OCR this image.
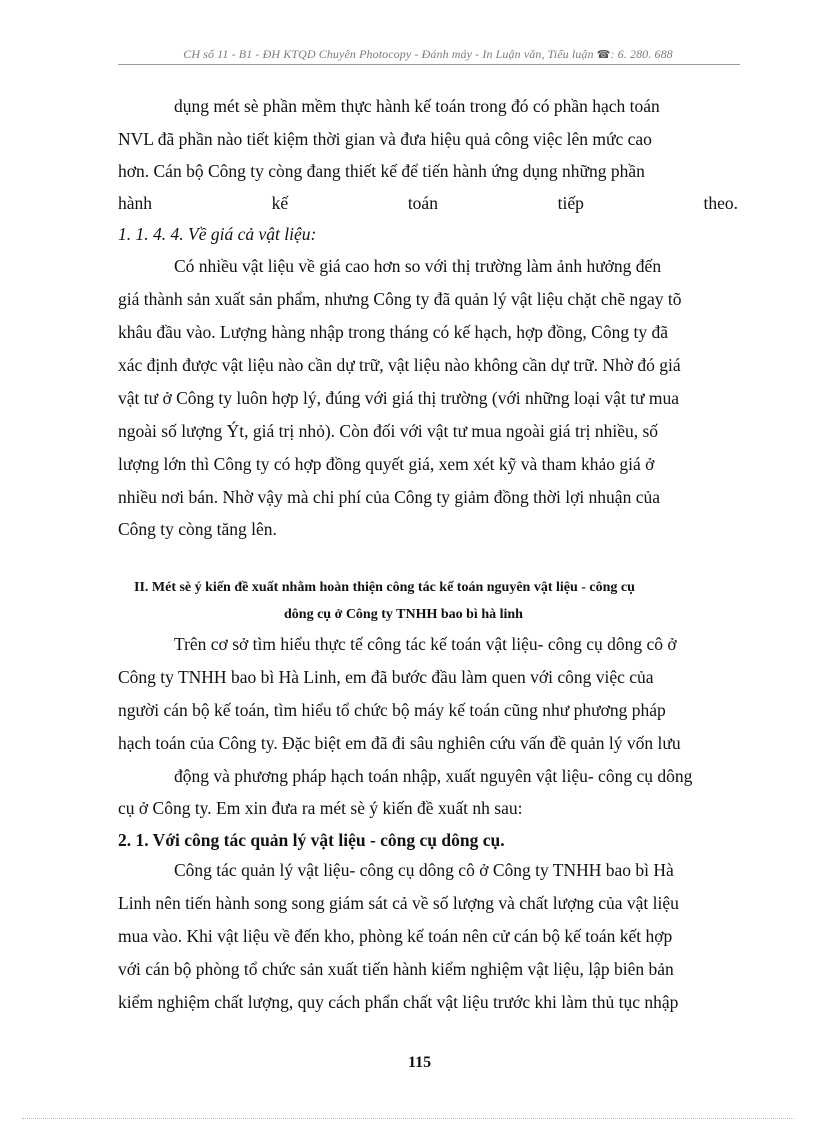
CH số 11 - B1 - ĐH KTQD Chuyên Photocopy - Đánh máy - In Luận văn, Tiểu luận ☎: 6. 280. 688
dụng mét sè phần mềm thực hành kế toán trong đó có phần hạch toán
NVL đã phần nào tiết kiệm thời gian và đưa hiệu quả công việc lên mức cao
hơn. Cán bộ Công ty còng đang thiết kế để tiến hành ứng dụng những phần
hành kế toán tiếp theo.
1. 1. 4. 4. Về giá cả vật liệu:
Có nhiều vật liệu về giá cao hơn so với thị trường làm ảnh hưởng đến
giá thành sản xuất sản phẩm, nhưng Công ty đã quản lý vật liệu chặt chẽ ngay tõ
khâu đầu vào. Lượng hàng nhập trong tháng có kế hạch, hợp đồng, Công ty đã
xác định được vật liệu nào cần dự trữ, vật liệu nào không cần dự trữ. Nhờ đó giá
vật tư ở Công ty luôn hợp lý, đúng với giá thị trường (với những loại vật tư mua
ngoài số lượng Ýt, giá trị nhỏ). Còn đối với vật tư mua ngoài giá trị nhiều, số
lượng lớn thì Công ty có hợp đồng quyết giá, xem xét kỹ và tham khảo giá ở
nhiều nơi bán. Nhờ vậy mà chi phí của Công ty giảm đồng thời lợi nhuận của
Công ty còng tăng lên.
II. Mét sè ý kiến đề xuất nhằm hoàn thiện công tác kế toán nguyên vật liệu - công cụ
dông cụ ở Công ty TNHH bao bì hà linh
Trên cơ sở tìm hiểu thực tế công tác kế toán vật liệu- công cụ dông cô ở
Công ty TNHH bao bì Hà Linh, em đã bước đầu làm quen với công việc của
người cán bộ kế toán, tìm hiểu tổ chức bộ máy kế toán cũng như phương pháp
hạch toán của Công ty. Đặc biệt em đã đi sâu nghiên cứu vấn đề quản lý vốn lưu
động và phương pháp hạch toán nhập, xuất nguyên vật liệu- công cụ dông
cụ ở Công ty. Em xin đưa ra mét sè ý kiến đề xuất nh sau:
2. 1. Với công tác quản lý vật liệu - công cụ dông cụ.
Công tác quản lý vật liệu- công cụ dông cô ở Công ty TNHH bao bì Hà
Linh nên tiến hành song song giám sát cả về số lượng và chất lượng của vật liệu
mua vào. Khi vật liệu về đến kho, phòng kế toán nên cử cán bộ kế toán kết hợp
với cán bộ phòng tổ chức sản xuất tiến hành kiểm nghiệm vật liệu, lập biên bản
kiểm nghiệm chất lượng, quy cách phẩn chất vật liệu trước khi làm thủ tục nhập
115
